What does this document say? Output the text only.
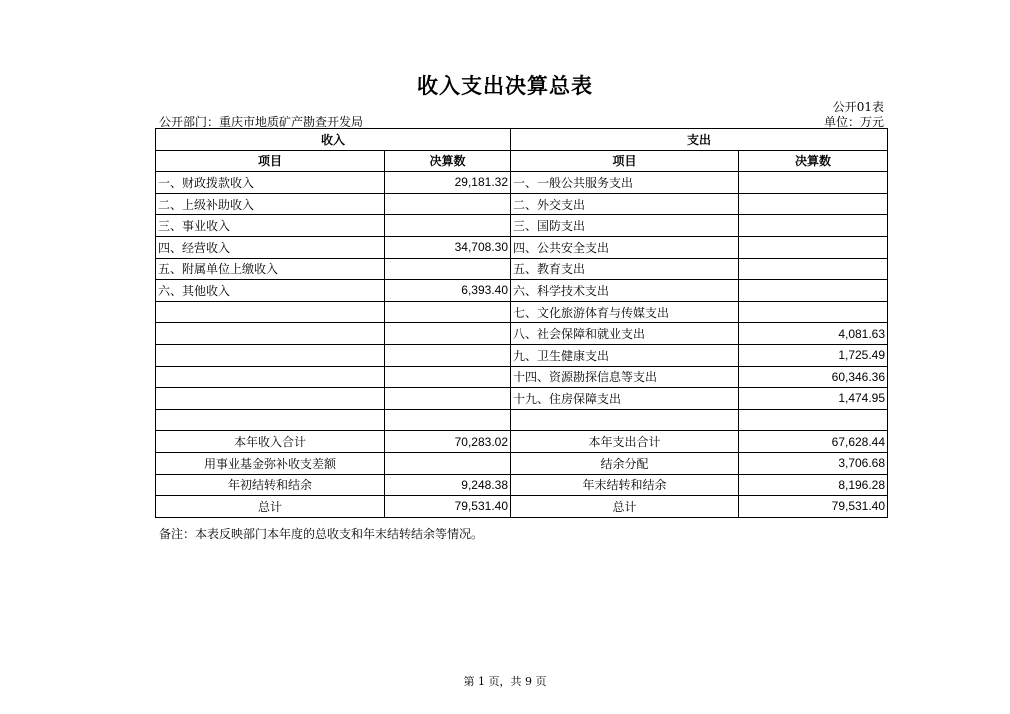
收入支出决算总表
公开01表
公开部门：重庆市地质矿产勘查开发局	单位：万元
收入		支出	
项目	决算数	项目	决算数
一、财政拨款收入	29,181.32	一、一般公共服务支出	
二、上级补助收入		二、外交支出	
三、事业收入		三、国防支出	
四、经营收入	34,708.30	四、公共安全支出	
五、附属单位上缴收入		五、教育支出	
六、其他收入	6,393.40	六、科学技术支出	
		七、文化旅游体育与传媒支出	
		八、社会保障和就业支出	4,081.63
		九、卫生健康支出	1,725.49
		十四、资源勘探信息等支出	60,346.36
		十九、住房保障支出	1,474.95

本年收入合计	70,283.02	本年支出合计	67,628.44
用事业基金弥补收支差额		结余分配	3,706.68
年初结转和结余	9,248.38	年末结转和结余	8,196.28
总计	79,531.40	总计	79,531.40
备注：本表反映部门本年度的总收支和年末结转结余等情况。
第 1 页，共 9 页
